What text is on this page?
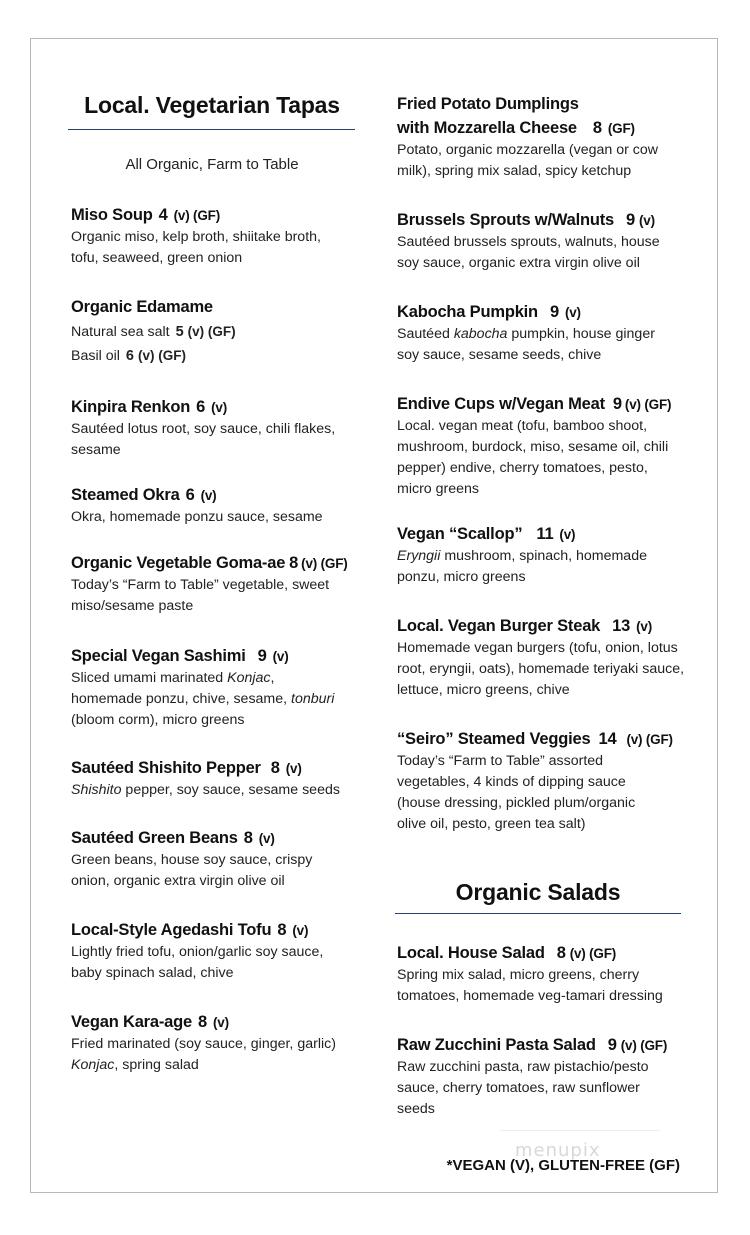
Local. Vegetarian Tapas
All Organic, Farm to Table
Miso Soup 4 (v) (GF)
Organic miso, kelp broth, shiitake broth, tofu, seaweed, green onion
Organic Edamame
Natural sea salt 5 (v) (GF)
Basil oil 6 (v) (GF)
Kinpira Renkon 6 (v)
Sautéed lotus root, soy sauce, chili flakes, sesame
Steamed Okra 6 (v)
Okra, homemade ponzu sauce, sesame
Organic Vegetable Goma-ae 8 (v) (GF)
Today’s “Farm to Table” vegetable, sweet miso/sesame paste
Special Vegan Sashimi 9 (v)
Sliced umami marinated Konjac,
homemade ponzu, chive, sesame, tonburi
(bloom corm), micro greens
Sautéed Shishito Pepper 8 (v)
Shishito pepper, soy sauce, sesame seeds
Sautéed Green Beans 8 (v)
Green beans, house soy sauce, crispy onion, organic extra virgin olive oil
Local-Style Agedashi Tofu 8 (v)
Lightly fried tofu, onion/garlic soy sauce, baby spinach salad, chive
Vegan Kara-age 8 (v)
Fried marinated (soy sauce, ginger, garlic)
Konjac, spring salad
Fried Potato Dumplings
with Mozzarella Cheese 8 (GF)
Potato, organic mozzarella (vegan or cow milk), spring mix salad, spicy ketchup
Brussels Sprouts w/Walnuts 9 (v)
Sautéed brussels sprouts, walnuts, house soy sauce, organic extra virgin olive oil
Kabocha Pumpkin 9 (v)
Sautéed kabocha pumpkin, house ginger
soy sauce, sesame seeds, chive
Endive Cups w/Vegan Meat 9 (v) (GF)
Local. vegan meat (tofu, bamboo shoot, mushroom, burdock, miso, sesame oil, chili pepper) endive, cherry tomatoes, pesto, micro greens
Vegan “Scallop” 11 (v)
Eryngii mushroom, spinach, homemade
ponzu, micro greens
Local. Vegan Burger Steak 13 (v)
Homemade vegan burgers (tofu, onion, lotus root, eryngii, oats), homemade teriyaki sauce, lettuce, micro greens, chive
“Seiro” Steamed Veggies 14 (v) (GF)
Today’s “Farm to Table” assorted vegetables, 4 kinds of dipping sauce (house dressing, pickled plum/organic olive oil, pesto, green tea salt)
Organic Salads
Local. House Salad 8 (v) (GF)
Spring mix salad, micro greens, cherry tomatoes, homemade veg-tamari dressing
Raw Zucchini Pasta Salad 9 (v) (GF)
Raw zucchini pasta, raw pistachio/pesto sauce, cherry tomatoes, raw sunflower seeds
menupix
*VEGAN (V), GLUTEN-FREE (GF)
